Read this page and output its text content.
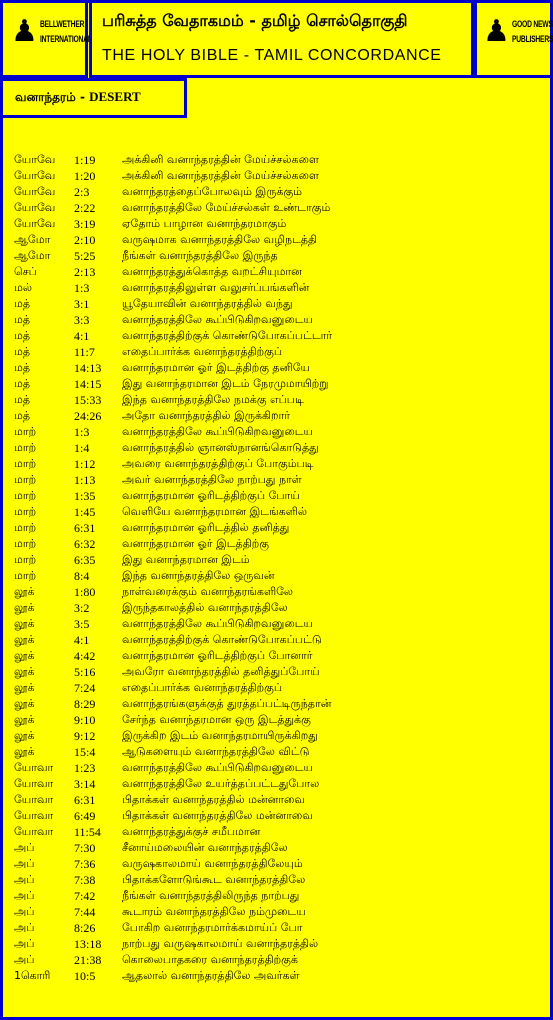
♟ BELLWETHER
INTERNATIONAL
பரிசுத்த வேதாகமம் - தமிழ் சொல்தொகுதி
THE HOLY BIBLE - TAMIL CONCORDANCE
♟ GOOD NEWS
PUBLISHERS
வனாந்தரம் - DESERT
யோவே 1:19 அக்கினி வனாந்தரத்தின் மேய்ச்சல்களை
யோவே 1:20 அக்கினி வனாந்தரத்தின் மேய்ச்சல்களை
யோவே 2:3	வனாந்தரத்தைப்போலவும் இருக்கும்
யோவே 2:22 வனாந்தரத்திலே மேய்ச்சல்கள் உண்டாகும்
யோவே 3:19 ஏதோம் பாழான வனாந்தரமாகும்
ஆமோ 2:10 வருஷமாக வனாந்தரத்திலே வழிநடத்தி
ஆமோ 5:25 நீங்கள் வனாந்தரத்திலே இருந்த
செப்	2:13 வனாந்தரத்துக்கொத்த வறட்சியுமான
மல்	1:3	வனாந்தரத்திலுள்ள வலுசர்ப்பங்களின்
மத்	3:1	யூதேயாவின் வனாந்தரத்தில் வந்து
மத்	3:3	வனாந்தரத்திலே கூப்பிடுகிறவனுடைய
மத்	4:1	வனாந்தரத்திற்குக் கொண்டுபோகப்பட்டார்
மத்	11:7 எதைப்பார்க்க வனாந்தரத்திற்குப்
மத்	14:13 வனாந்தரமான ஓர் இடத்திற்கு தனியே
மத்	14:15 இது வனாந்தரமான இடம் நேரமுமாயிற்று
மத்	15:33 இந்த வனாந்தரத்திலே நமக்கு எப்படி
மத்	24:26 அதோ வனாந்தரத்தில் இருக்கிறார்
மாற்	1:3	வனாந்தரத்திலே கூப்பிடுகிறவனுடைய
மாற்	1:4	வனாந்தரத்தில் ஞானஸ்நானங்கொடுத்து
மாற்	1:12 அவரை வனாந்தரத்திற்குப் போகும்படி
மாற்	1:13 அவர் வனாந்தரத்திலே நாற்பது நாள்
மாற்	1:35 வனாந்தரமான ஓரிடத்திற்குப் போய்
மாற்	1:45 வெளியே வனாந்தரமான இடங்களில்
மாற்	6:31 வனாந்தரமான ஓரிடத்தில் தனித்து
மாற்	6:32 வனாந்தரமான ஓர் இடத்திற்கு
மாற்	6:35 இது வனாந்தரமான இடம்
மாற்	8:4	இந்த வனாந்தரத்திலே ஒருவன்
லூக்	1:80 நாள்வரைக்கும் வனாந்தரங்களிலே
லூக்	3:2	இருந்தகாலத்தில் வனாந்தரத்திலே
லூக்	3:5	வனாந்தரத்திலே கூப்பிடுகிறவனுடைய
லூக்	4:1	வனாந்தரத்திற்குக் கொண்டுபோகப்பட்டு
லூக்	4:42 வனாந்தரமான ஓரிடத்திற்குப் போனார்
லூக்	5:16 அவரோ வனாந்தரத்தில் தனித்துப்போய்
லூக்	7:24 எதைப்பார்க்க வனாந்தரத்திற்குப்
லூக்	8:29 வனாந்தரங்களுக்குத் துரத்தப்பட்டிருந்தான்
லூக்	9:10 சேர்ந்த வனாந்தரமான ஒரு இடத்துக்கு
லூக்	9:12 இருக்கிற இடம் வனாந்தரமாயிருக்கிறது
லூக்	15:4 ஆடுகளையும் வனாந்தரத்திலே விட்டு
யோவா 1:23 வனாந்தரத்திலே கூப்பிடுகிறவனுடைய
யோவா 3:14 வனாந்தரத்திலே உயர்த்தப்பட்டதுபோல
யோவா 6:31 பிதாக்கள் வனாந்தரத்தில் மன்னாவை
யோவா 6:49 பிதாக்கள் வனாந்தரத்திலே மன்னாவை
யோவா 11:54 வனாந்தரத்துக்குச் சமீபமான
அப்	7:30 சீனாய்மலையின் வனாந்தரத்திலே
அப்	7:36 வருஷகாலமாய் வனாந்தரத்திலேயும்
அப்	7:38 பிதாக்களோடுங்கூட வனாந்தரத்திலே
அப்	7:42 நீங்கள் வனாந்தரத்திலிருந்த நாற்பது
அப்	7:44 கூடாரம் வனாந்தரத்திலே நம்முடைய
அப்	8:26 போகிற வனாந்தரமார்க்கமாய்ப் போ
அப்	13:18 நாற்பது வருஷகாலமாய் வனாந்தரத்தில்
அப்	21:38 கொலைபாதகரை வனாந்தரத்திற்குக்
1கொரி 10:5 ஆதலால் வனாந்தரத்திலே அவர்கள்
